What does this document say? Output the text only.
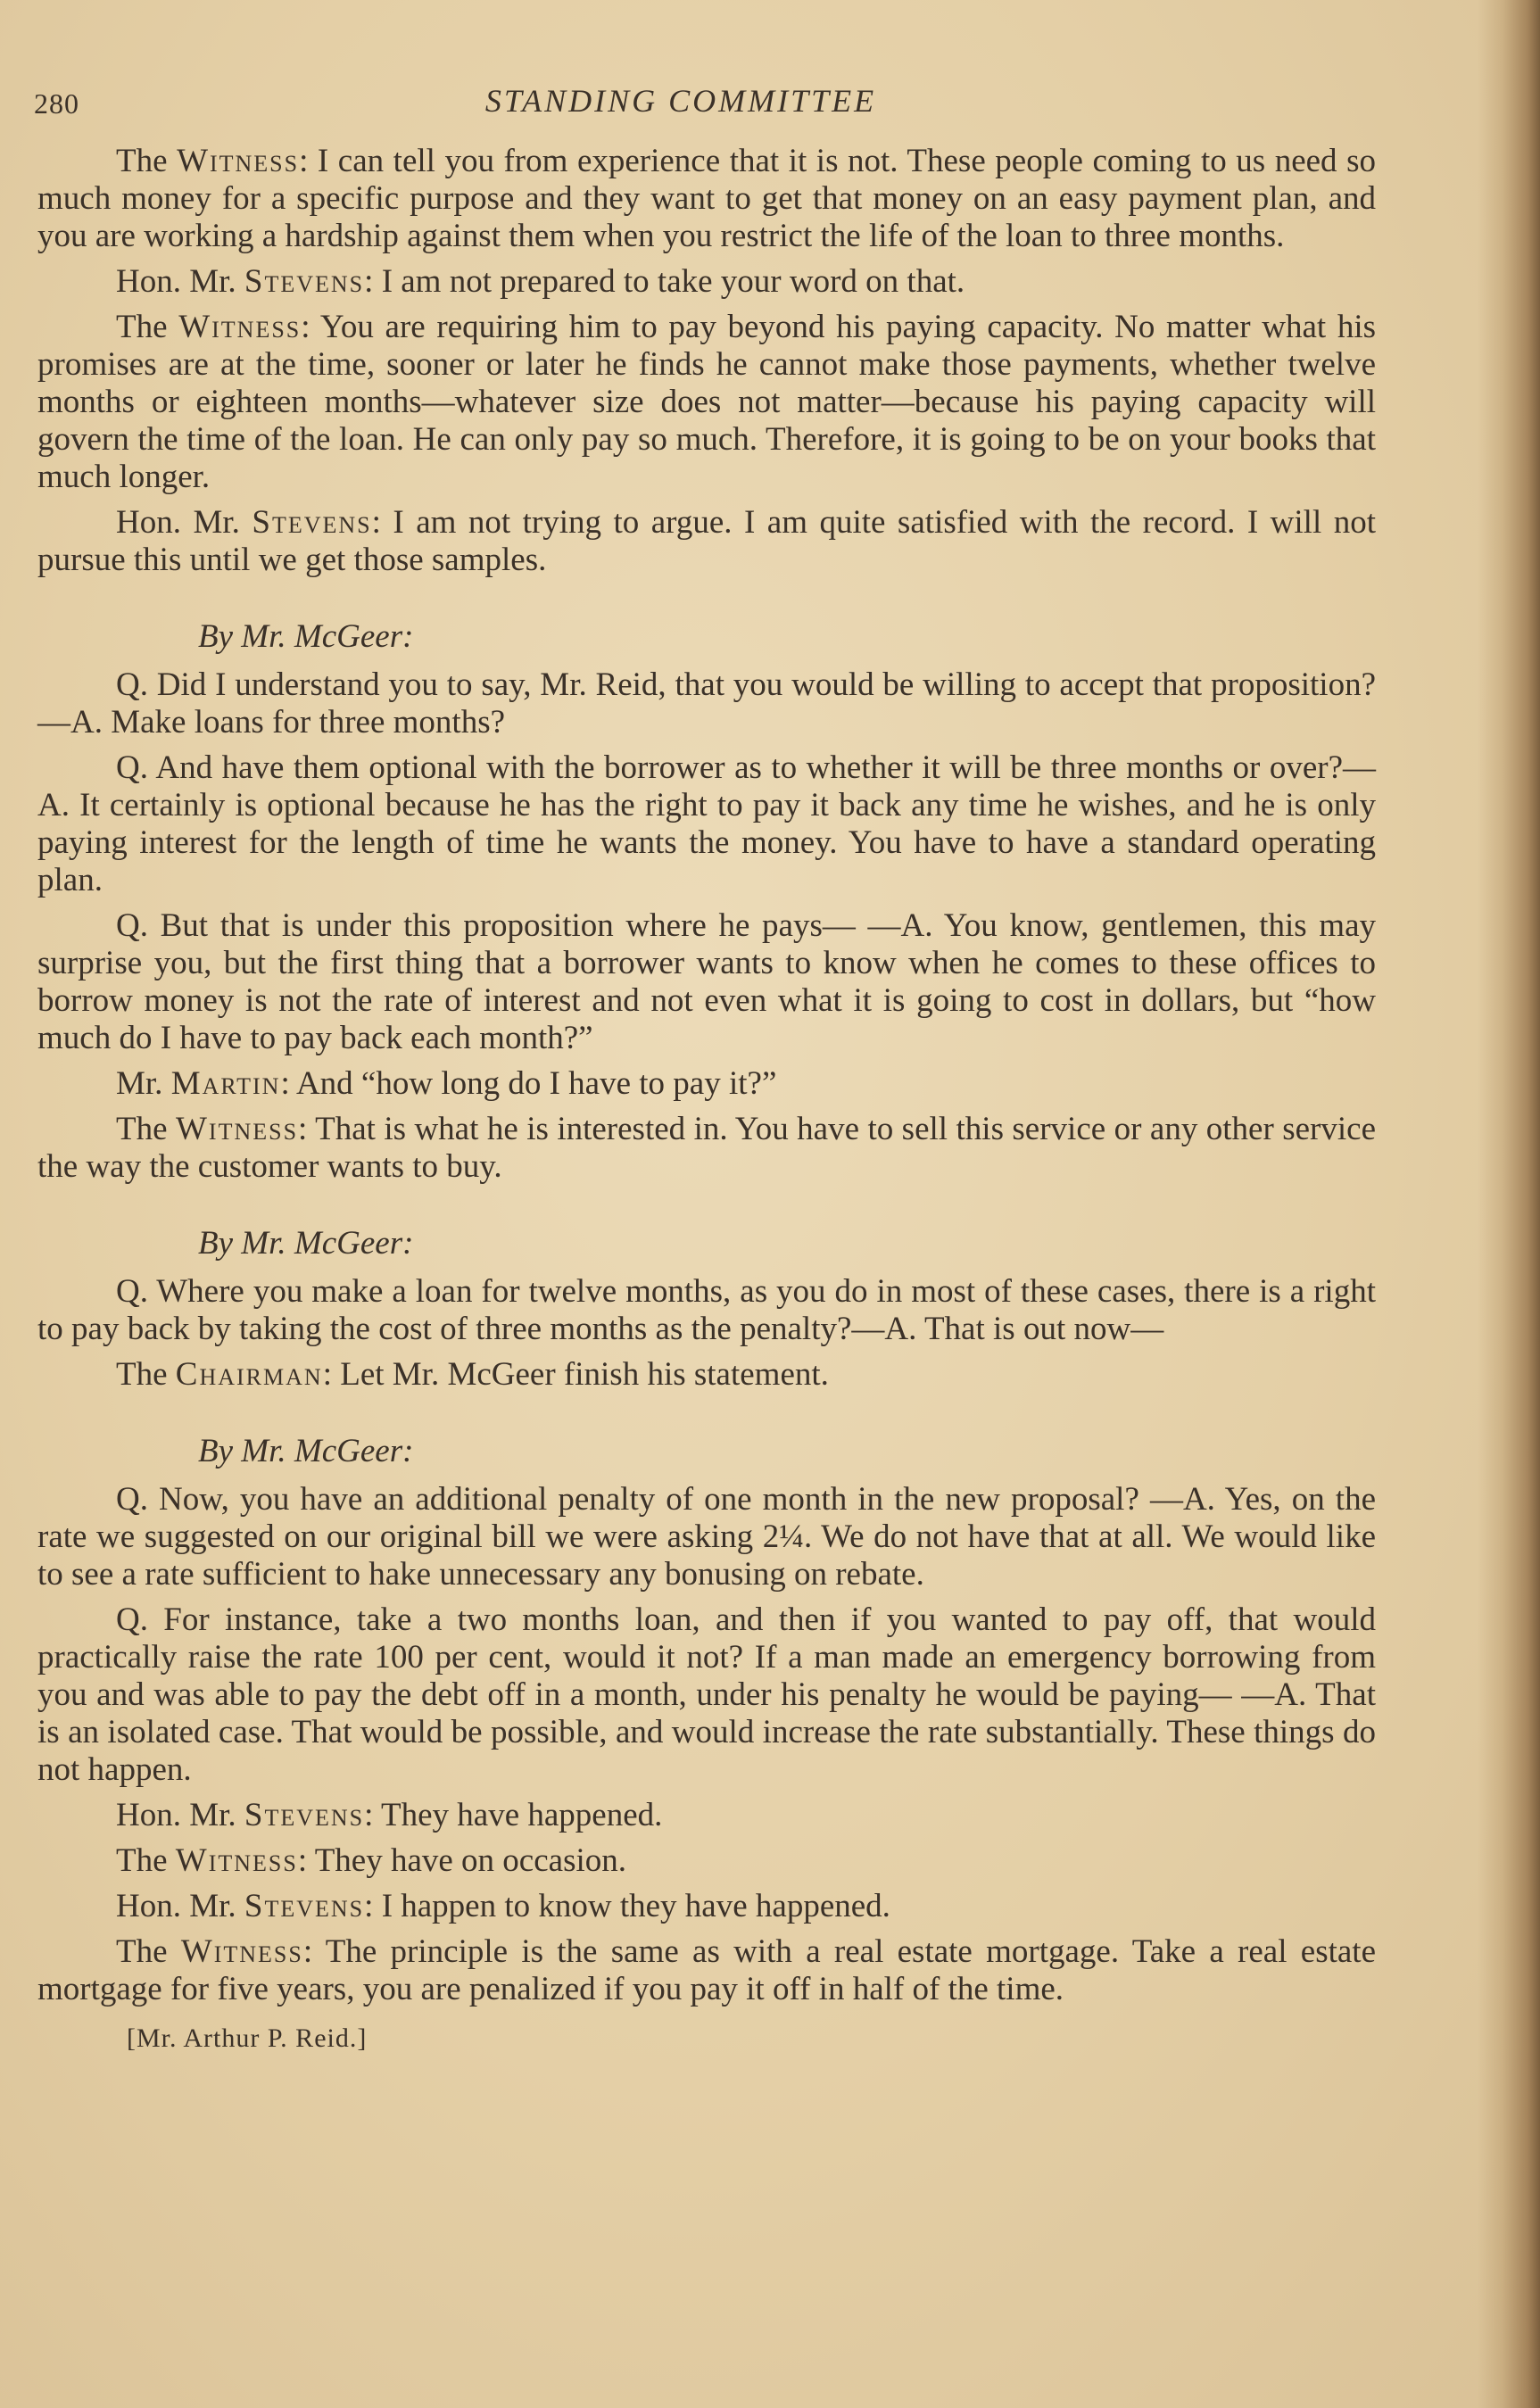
280	STANDING COMMITTEE

The Witness: I can tell you from experience that it is not. These people coming to us need so much money for a specific purpose and they want to get that money on an easy payment plan, and you are working a hardship against them when you restrict the life of the loan to three months.

Hon. Mr. Stevens: I am not prepared to take your word on that.

The Witness: You are requiring him to pay beyond his paying capacity. No matter what his promises are at the time, sooner or later he finds he cannot make those payments, whether twelve months or eighteen months—whatever size does not matter—because his paying capacity will govern the time of the loan. He can only pay so much. Therefore, it is going to be on your books that much longer.

Hon. Mr. Stevens: I am not trying to argue. I am quite satisfied with the record. I will not pursue this until we get those samples.

By Mr. McGeer:

Q. Did I understand you to say, Mr. Reid, that you would be willing to accept that proposition?—A. Make loans for three months?

Q. And have them optional with the borrower as to whether it will be three months or over?—A. It certainly is optional because he has the right to pay it back any time he wishes, and he is only paying interest for the length of time he wants the money. You have to have a standard operating plan.

Q. But that is under this proposition where he pays— —A. You know, gentlemen, this may surprise you, but the first thing that a borrower wants to know when he comes to these offices to borrow money is not the rate of interest and not even what it is going to cost in dollars, but “how much do I have to pay back each month?”

Mr. Martin: And “how long do I have to pay it?”

The Witness: That is what he is interested in. You have to sell this service or any other service the way the customer wants to buy.

By Mr. McGeer:

Q. Where you make a loan for twelve months, as you do in most of these cases, there is a right to pay back by taking the cost of three months as the penalty?—A. That is out now—

The Chairman: Let Mr. McGeer finish his statement.

By Mr. McGeer:

Q. Now, you have an additional penalty of one month in the new proposal? —A. Yes, on the rate we suggested on our original bill we were asking 2¼. We do not have that at all. We would like to see a rate sufficient to hake unnecessary any bonusing on rebate.

Q. For instance, take a two months loan, and then if you wanted to pay off, that would practically raise the rate 100 per cent, would it not? If a man made an emergency borrowing from you and was able to pay the debt off in a month, under his penalty he would be paying— —A. That is an isolated case. That would be possible, and would increase the rate substantially. These things do not happen.

Hon. Mr. Stevens: They have happened.

The Witness: They have on occasion.

Hon. Mr. Stevens: I happen to know they have happened.

The Witness: The principle is the same as with a real estate mortgage. Take a real estate mortgage for five years, you are penalized if you pay it off in half of the time.

[Mr. Arthur P. Reid.]
